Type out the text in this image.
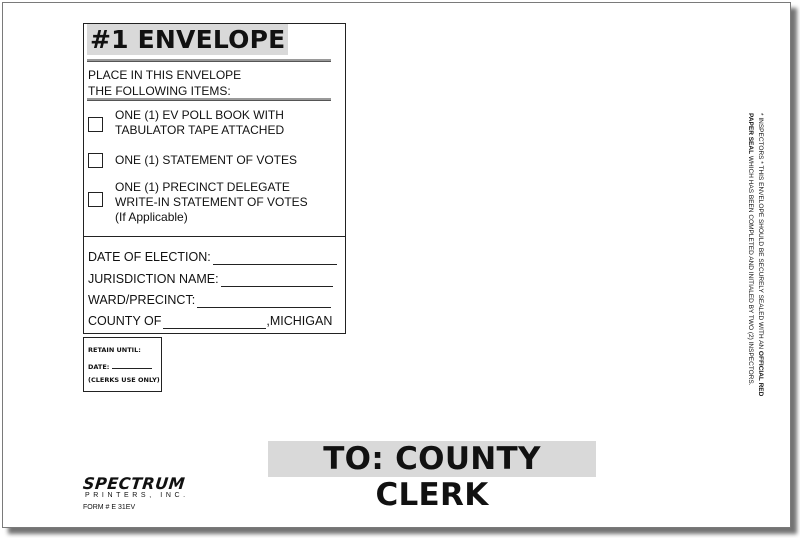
#1 ENVELOPE
PLACE IN THIS ENVELOPE
THE FOLLOWING ITEMS:
ONE (1) EV POLL BOOK WITH
TABULATOR TAPE ATTACHED
ONE (1) STATEMENT OF VOTES
ONE (1) PRECINCT DELEGATE
WRITE-IN STATEMENT OF VOTES
(If Applicable)
DATE OF ELECTION:
JURISDICTION NAME:
WARD/PRECINCT:
COUNTY OF	,MICHIGAN
RETAIN UNTIL:
DATE:
(CLERKS USE ONLY)
TO: COUNTY CLERK
SPECTRUM
PRINTERS, INC.
FORM # E 31EV
* INSPECTORS * THIS ENVELOPE SHOULD BE SECURELY SEALED WITH AN OFFICIAL RED
PAPER SEAL WHICH HAS BEEN COMPLETED AND INITIALED BY TWO (2) INSPECTORS.
